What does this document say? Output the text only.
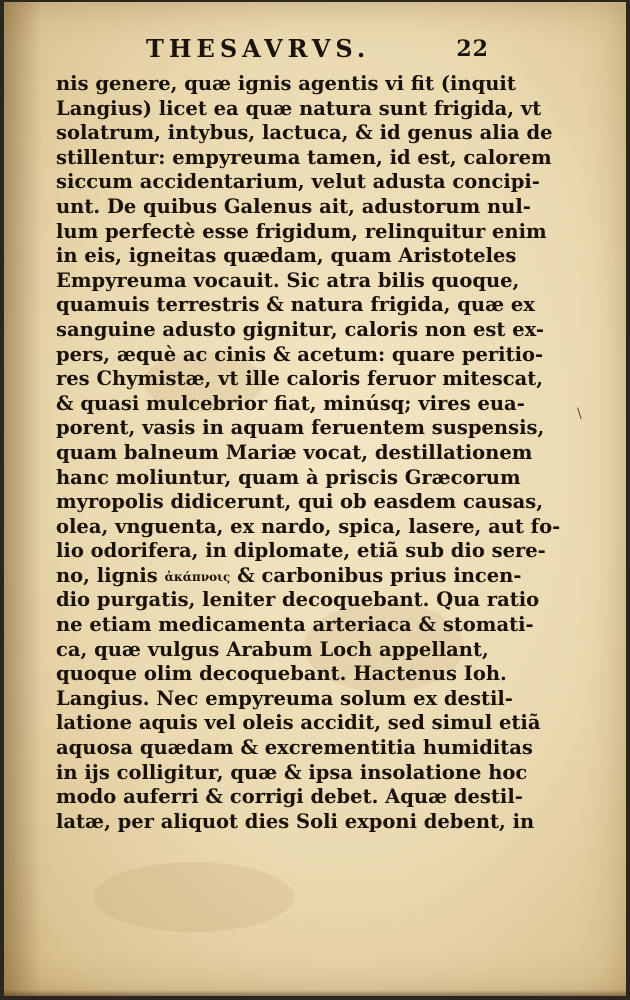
THESAVRVS.	22
nis genere, quæ ignis agentis vi fit (inquit
Langius) licet ea quæ natura sunt frigida, vt
solatrum, intybus, lactuca, & id genus alia de
stillentur: empyreuma tamen, id est, calorem
siccum accidentarium, velut adusta concipi-
unt. De quibus Galenus ait, adustorum nul-
lum perfectè esse frigidum, relinquitur enim
in eis, igneitas quædam, quam Aristoteles
Empyreuma vocauit. Sic atra bilis quoque,
quamuis terrestris & natura frigida, quæ ex
sanguine adusto gignitur, caloris non est ex-
pers, æquè ac cinis & acetum: quare peritio-
res Chymistæ, vt ille caloris feruor mitescat,
& quasi mulcebrior fiat, minúsq; vires eua-
porent, vasis in aquam feruentem suspensis,
quam balneum Mariæ vocat, destillationem
hanc moliuntur, quam à priscis Græcorum
myropolis didicerunt, qui ob easdem causas,
olea, vnguenta, ex nardo, spica, lasere, aut fo-
lio odorifera, in diplomate, etiã sub dio sere-
no, lignis ἀκάπνοις & carbonibus prius incen-
dio purgatis, leniter decoquebant. Qua ratio
ne etiam medicamenta arteriaca & stomati-
ca, quæ vulgus Arabum Loch appellant,
quoque olim decoquebant. Hactenus Ioh.
Langius. Nec empyreuma solum ex destil-
latione aquis vel oleis accidit, sed simul etiã
aquosa quædam & excrementitia humiditas
in ijs colligitur, quæ & ipsa insolatione hoc
modo auferri & corrigi debet. Aquæ destil-
latæ, per aliquot dies Soli exponi debent, in
\
